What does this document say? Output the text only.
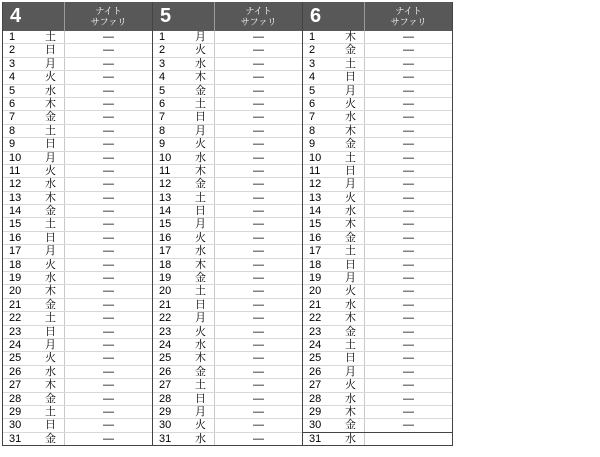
4	ナイト
サファリ
1	土	―
2	日	―
3	月	―
4	火	―
5	水	―
6	木	―
7	金	―
8	土	―
9	日	―
10	月	―
11	火	―
12	水	―
13	木	―
14	金	―
15	土	―
16	日	―
17	月	―
18	火	―
19	水	―
20	木	―
21	金	―
22	土	―
23	日	―
24	月	―
25	火	―
26	水	―
27	木	―
28	金	―
29	土	―
30	日	―
31	金	―
5	ナイト
サファリ
1	月	―
2	火	―
3	水	―
4	木	―
5	金	―
6	土	―
7	日	―
8	月	―
9	火	―
10	水	―
11	木	―
12	金	―
13	土	―
14	日	―
15	月	―
16	火	―
17	水	―
18	木	―
19	金	―
20	土	―
21	日	―
22	月	―
23	火	―
24	水	―
25	木	―
26	金	―
27	土	―
28	日	―
29	月	―
30	火	―
31	水	―
6	ナイト
サファリ
1	木	―
2	金	―
3	土	―
4	日	―
5	月	―
6	火	―
7	水	―
8	木	―
9	金	―
10	土	―
11	日	―
12	月	―
13	火	―
14	水	―
15	木	―
16	金	―
17	土	―
18	日	―
19	月	―
20	火	―
21	水	―
22	木	―
23	金	―
24	土	―
25	日	―
26	月	―
27	火	―
28	水	―
29	木	―
30	金	―
31	水
